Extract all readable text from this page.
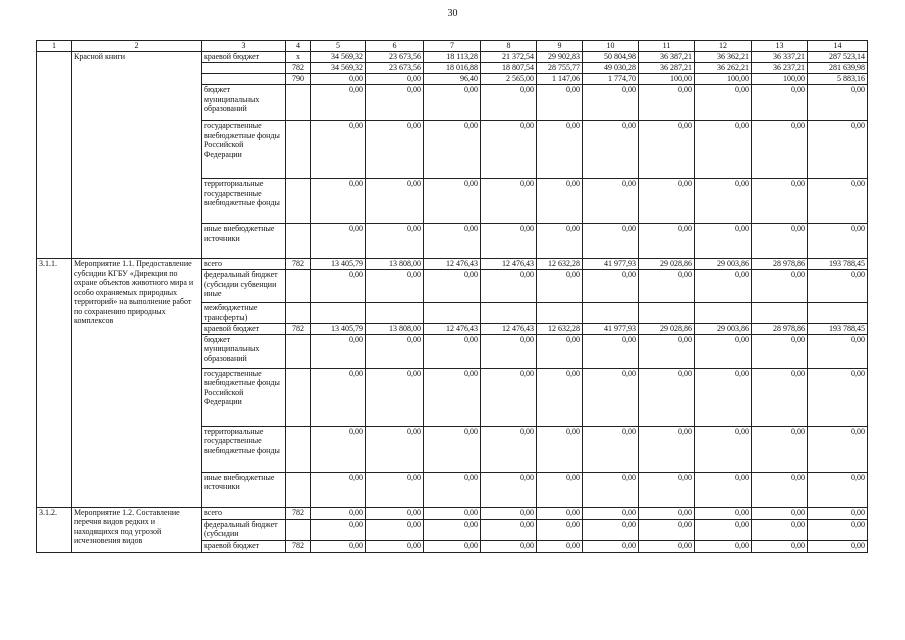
30
1	2	3	4	5	6	7	8	9	10	11	12	13	14
	Красной книги	краевой бюджет	x	34 569,32	23 673,56	18 113,28	21 372,54	29 902,83	50 804,98	36 387,21	36 362,21	36 337,21	287 523,14
			782	34 569,32	23 673,56	18 016,88	18 807,54	28 755,77	49 030,28	36 287,21	36 262,21	36 237,21	281 639,98
			790	0,00	0,00	96,40	2 565,00	1 147,06	1 774,70	100,00	100,00	100,00	5 883,16
		бюджет муниципальных образований		0,00	0,00	0,00	0,00	0,00	0,00	0,00	0,00	0,00	0,00
		государственные внебюджетные фонды Российской Федерации		0,00	0,00	0,00	0,00	0,00	0,00	0,00	0,00	0,00	0,00
		территориальные государственные внебюджетные фонды		0,00	0,00	0,00	0,00	0,00	0,00	0,00	0,00	0,00	0,00
		иные внебюджетные источники		0,00	0,00	0,00	0,00	0,00	0,00	0,00	0,00	0,00	0,00
3.1.1.	Мероприятие 1.1. Предоставление субсидии КГБУ «Дирекция по охране объектов животного мира и особо охраняемых природных территорий» на выполнение работ по сохранению природных комплексов	всего	782	13 405,79	13 808,00	12 476,43	12 476,43	12 632,28	41 977,93	29 028,86	29 003,86	28 978,86	193 788,45
		федеральный бюджет (субсидии субвенции иные		0,00	0,00	0,00	0,00	0,00	0,00	0,00	0,00	0,00	0,00
		межбюджетные трансферты)											
		краевой бюджет	782	13 405,79	13 808,00	12 476,43	12 476,43	12 632,28	41 977,93	29 028,86	29 003,86	28 978,86	193 788,45
		бюджет муниципальных образований		0,00	0,00	0,00	0,00	0,00	0,00	0,00	0,00	0,00	0,00
		государственные внебюджетные фонды Российской Федерации		0,00	0,00	0,00	0,00	0,00	0,00	0,00	0,00	0,00	0,00
		территориальные государственные внебюджетные фонды		0,00	0,00	0,00	0,00	0,00	0,00	0,00	0,00	0,00	0,00
		иные внебюджетные источники		0,00	0,00	0,00	0,00	0,00	0,00	0,00	0,00	0,00	0,00
3.1.2.	Мероприятие 1.2. Составление перечня видов редких и находящихся под угрозой исчезновения видов	всего	782	0,00	0,00	0,00	0,00	0,00	0,00	0,00	0,00	0,00	0,00
		федеральный бюджет (субсидии		0,00	0,00	0,00	0,00	0,00	0,00	0,00	0,00	0,00	0,00
		краевой бюджет	782	0,00	0,00	0,00	0,00	0,00	0,00	0,00	0,00	0,00	0,00
